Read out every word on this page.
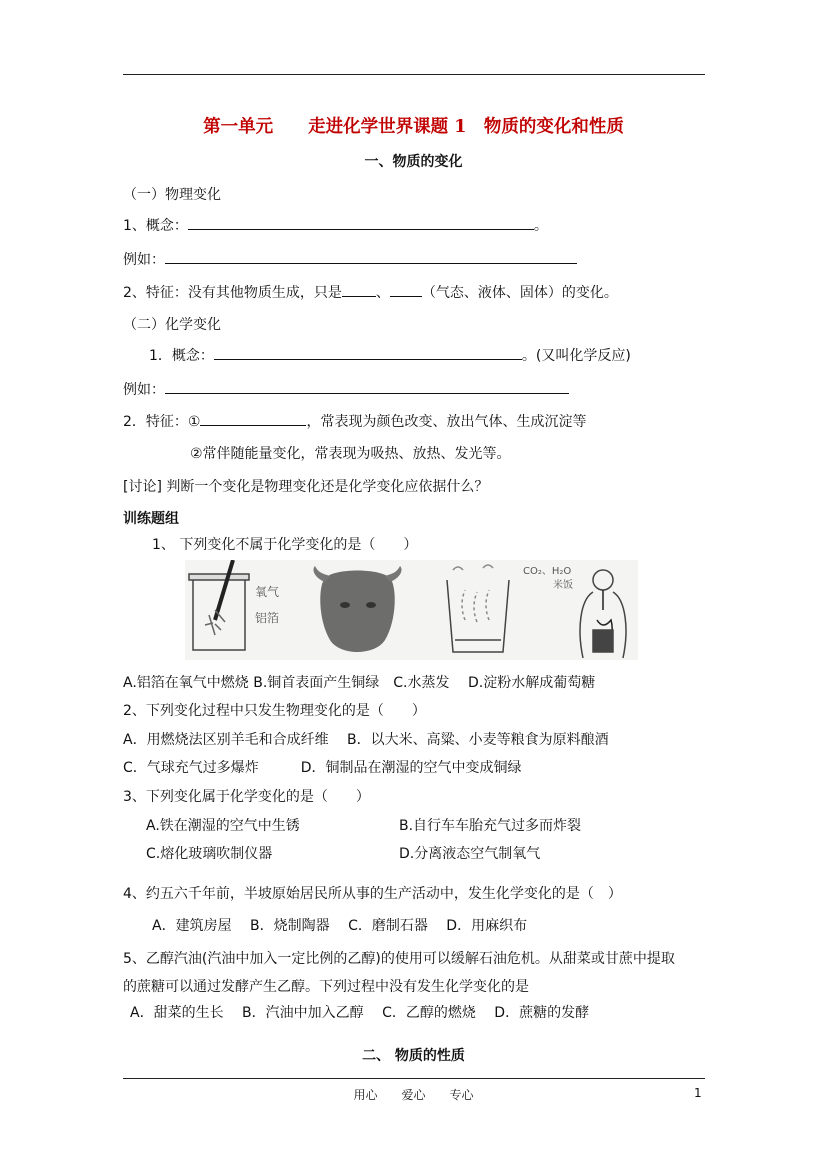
第一单元　　走进化学世界课题 1　物质的变化和性质
一、物质的变化
（一）物理变化
1、概念：	。
例如：
2、特征：没有其他物质生成，只是 、 （气态、液体、固体）的变化。
（二）化学变化
1．概念：	。(又叫化学反应)
例如：
2．特征：①	，常表现为颜色改变、放出气体、生成沉淀等
②常伴随能量变化，常表现为吸热、放热、发光等。
[讨论] 判断一个变化是物理变化还是化学变化应依据什么？
训练题组
1、 下列变化不属于化学变化的是（　　）
氧气
铝箔
CO₂、H₂O
米饭
A.铝箔在氧气中燃烧 B.铜首表面产生铜绿　C.水蒸发　 D.淀粉水解成葡萄糖
2、下列变化过程中只发生物理变化的是（　　）
A．用燃烧法区别羊毛和合成纤维　 B．以大米、高粱、小麦等粮食为原料酿酒
C．气球充气过多爆炸　　　D．铜制品在潮湿的空气中变成铜绿
3、下列变化属于化学变化的是（　　）
A.铁在潮湿的空气中生锈	B.自行车车胎充气过多而炸裂
C.熔化玻璃吹制仪器	D.分离液态空气制氧气
4、约五六千年前，半坡原始居民所从事的生产活动中，发生化学变化的是（　）
A．建筑房屋　 B．烧制陶器　 C．磨制石器　 D．用麻织布
5、乙醇汽油(汽油中加入一定比例的乙醇)的使用可以缓解石油危机。从甜菜或甘蔗中提取
的蔗糖可以通过发酵产生乙醇。下列过程中没有发生化学变化的是
A．甜菜的生长　 B．汽油中加入乙醇　 C．乙醇的燃烧　 D．蔗糖的发酵
二、 物质的性质
用心　　爱心　　专心	1
